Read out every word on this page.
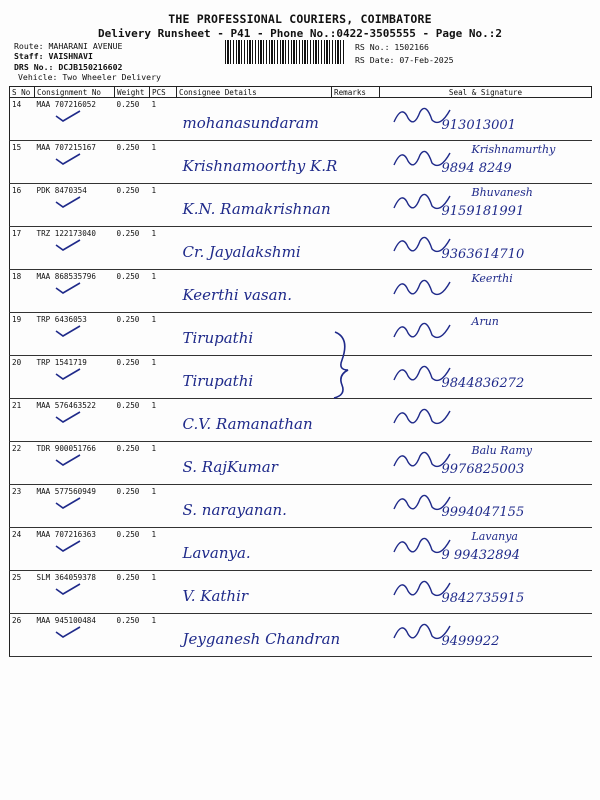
THE PROFESSIONAL COURIERS, COIMBATORE
Delivery Runsheet - P41 - Phone No.:0422-3505555 - Page No.:2
Route: MAHARANI AVENUE
Staff: VAISHNAVI
DRS No.: DCJB150216602
Vehicle: Two Wheeler Delivery
RS No.: 1502166
RS Date: 07-Feb-2025
S No	Consignment No	Weight	PCS	Consignee Details	Remarks	Seal & Signature
14	MAA 707216052	0.250	1	mohanasundaram		913013001

15	MAA 707215167	0.250	1	Krishnamoorthy K.R		Krishnamurthy
9894 8249

16	PDK 8470354	0.250	1	K.N. Ramakrishnan		Bhuvanesh
9159181991

17	TRZ 122173040	0.250	1	Cr. Jayalakshmi		9363614710

18	MAA 868535796	0.250	1	Keerthi vasan.		Keerthi

19	TRP 6436053	0.250	1	Tirupathi		Arun

20	TRP 1541719	0.250	1	Tirupathi		9844836272

21	MAA 576463522	0.250	1	C.V. Ramanathan

22	TDR 900051766	0.250	1	S. RajKumar		Balu Ramy
9976825003

23	MAA 577560949	0.250	1	S. narayanan.		9994047155

24	MAA 707216363	0.250	1	Lavanya.		Lavanya
9 99432894

25	SLM 364059378	0.250	1	V. Kathir		9842735915

26	MAA 945100484	0.250	1	Jeyganesh Chandran		9499922
